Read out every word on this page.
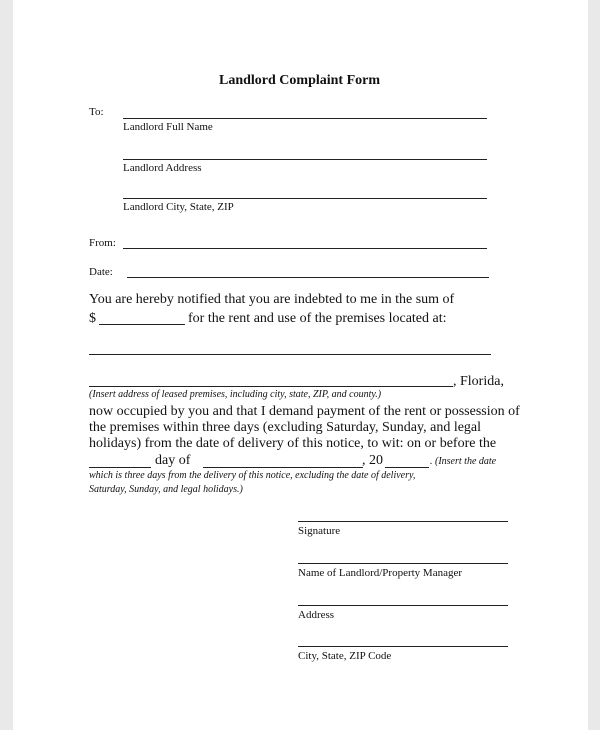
Landlord Complaint Form
To:
Landlord Full Name
Landlord Address
Landlord City, State, ZIP
From:
Date:
You are hereby notified that you are indebted to me in the sum of
$	for the rent and use of the premises located at:
, Florida,
(Insert address of leased premises, including city, state, ZIP, and county.)
now occupied by you and that I demand payment of the rent or possession of
the premises within three days (excluding Saturday, Sunday, and legal
holidays) from the date of delivery of this notice, to wit: on or before the
day of	, 20	. (Insert the date
which is three days from the delivery of this notice, excluding the date of delivery,
Saturday, Sunday, and legal holidays.)
Signature
Name of Landlord/Property Manager
Address
City, State, ZIP Code
